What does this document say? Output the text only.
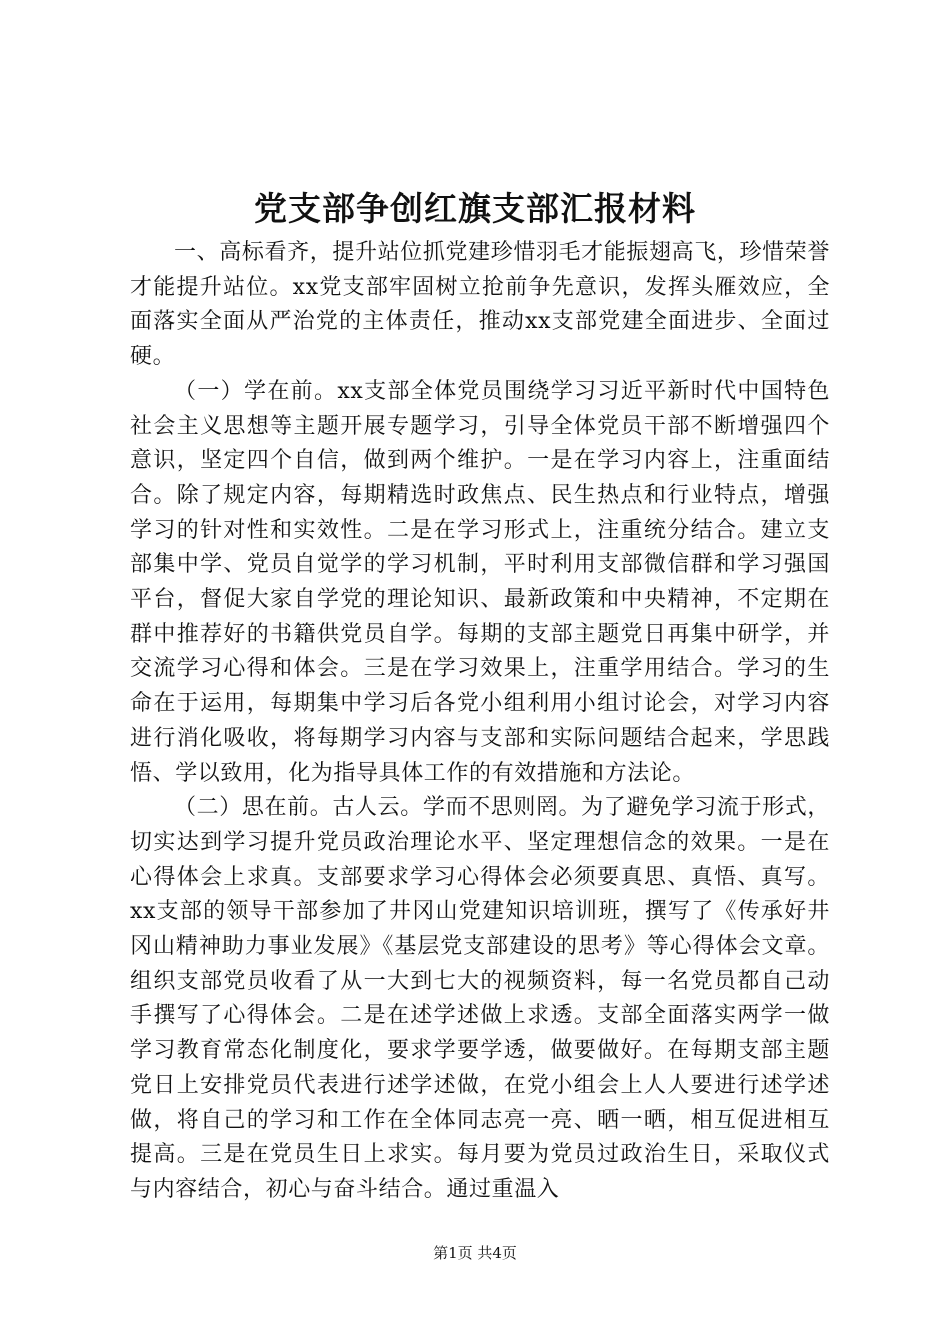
党支部争创红旗支部汇报材料

一、高标看齐，提升站位抓党建珍惜羽毛才能振翅高飞，珍惜荣誉才能提升站位。xx党支部牢固树立抢前争先意识，发挥头雁效应，全面落实全面从严治党的主体责任，推动xx支部党建全面进步、全面过硬。

（一）学在前。xx支部全体党员围绕学习习近平新时代中国特色社会主义思想等主题开展专题学习，引导全体党员干部不断增强四个意识，坚定四个自信，做到两个维护。一是在学习内容上，注重面结合。除了规定内容，每期精选时政焦点、民生热点和行业特点，增强学习的针对性和实效性。二是在学习形式上，注重统分结合。建立支部集中学、党员自觉学的学习机制，平时利用支部微信群和学习强国平台，督促大家自学党的理论知识、最新政策和中央精神，不定期在群中推荐好的书籍供党员自学。每期的支部主题党日再集中研学，并交流学习心得和体会。三是在学习效果上，注重学用结合。学习的生命在于运用，每期集中学习后各党小组利用小组讨论会，对学习内容进行消化吸收，将每期学习内容与支部和实际问题结合起来，学思践悟、学以致用，化为指导具体工作的有效措施和方法论。

（二）思在前。古人云。学而不思则罔。为了避免学习流于形式，切实达到学习提升党员政治理论水平、坚定理想信念的效果。一是在心得体会上求真。支部要求学习心得体会必须要真思、真悟、真写。xx支部的领导干部参加了井冈山党建知识培训班，撰写了《传承好井冈山精神助力事业发展》《基层党支部建设的思考》等心得体会文章。组织支部党员收看了从一大到七大的视频资料，每一名党员都自己动手撰写了心得体会。二是在述学述做上求透。支部全面落实两学一做学习教育常态化制度化，要求学要学透，做要做好。在每期支部主题党日上安排党员代表进行述学述做，在党小组会上人人要进行述学述做，将自己的学习和工作在全体同志亮一亮、晒一晒，相互促进相互提高。三是在党员生日上求实。每月要为党员过政治生日，采取仪式与内容结合，初心与奋斗结合。通过重温入

第1页 共4页
